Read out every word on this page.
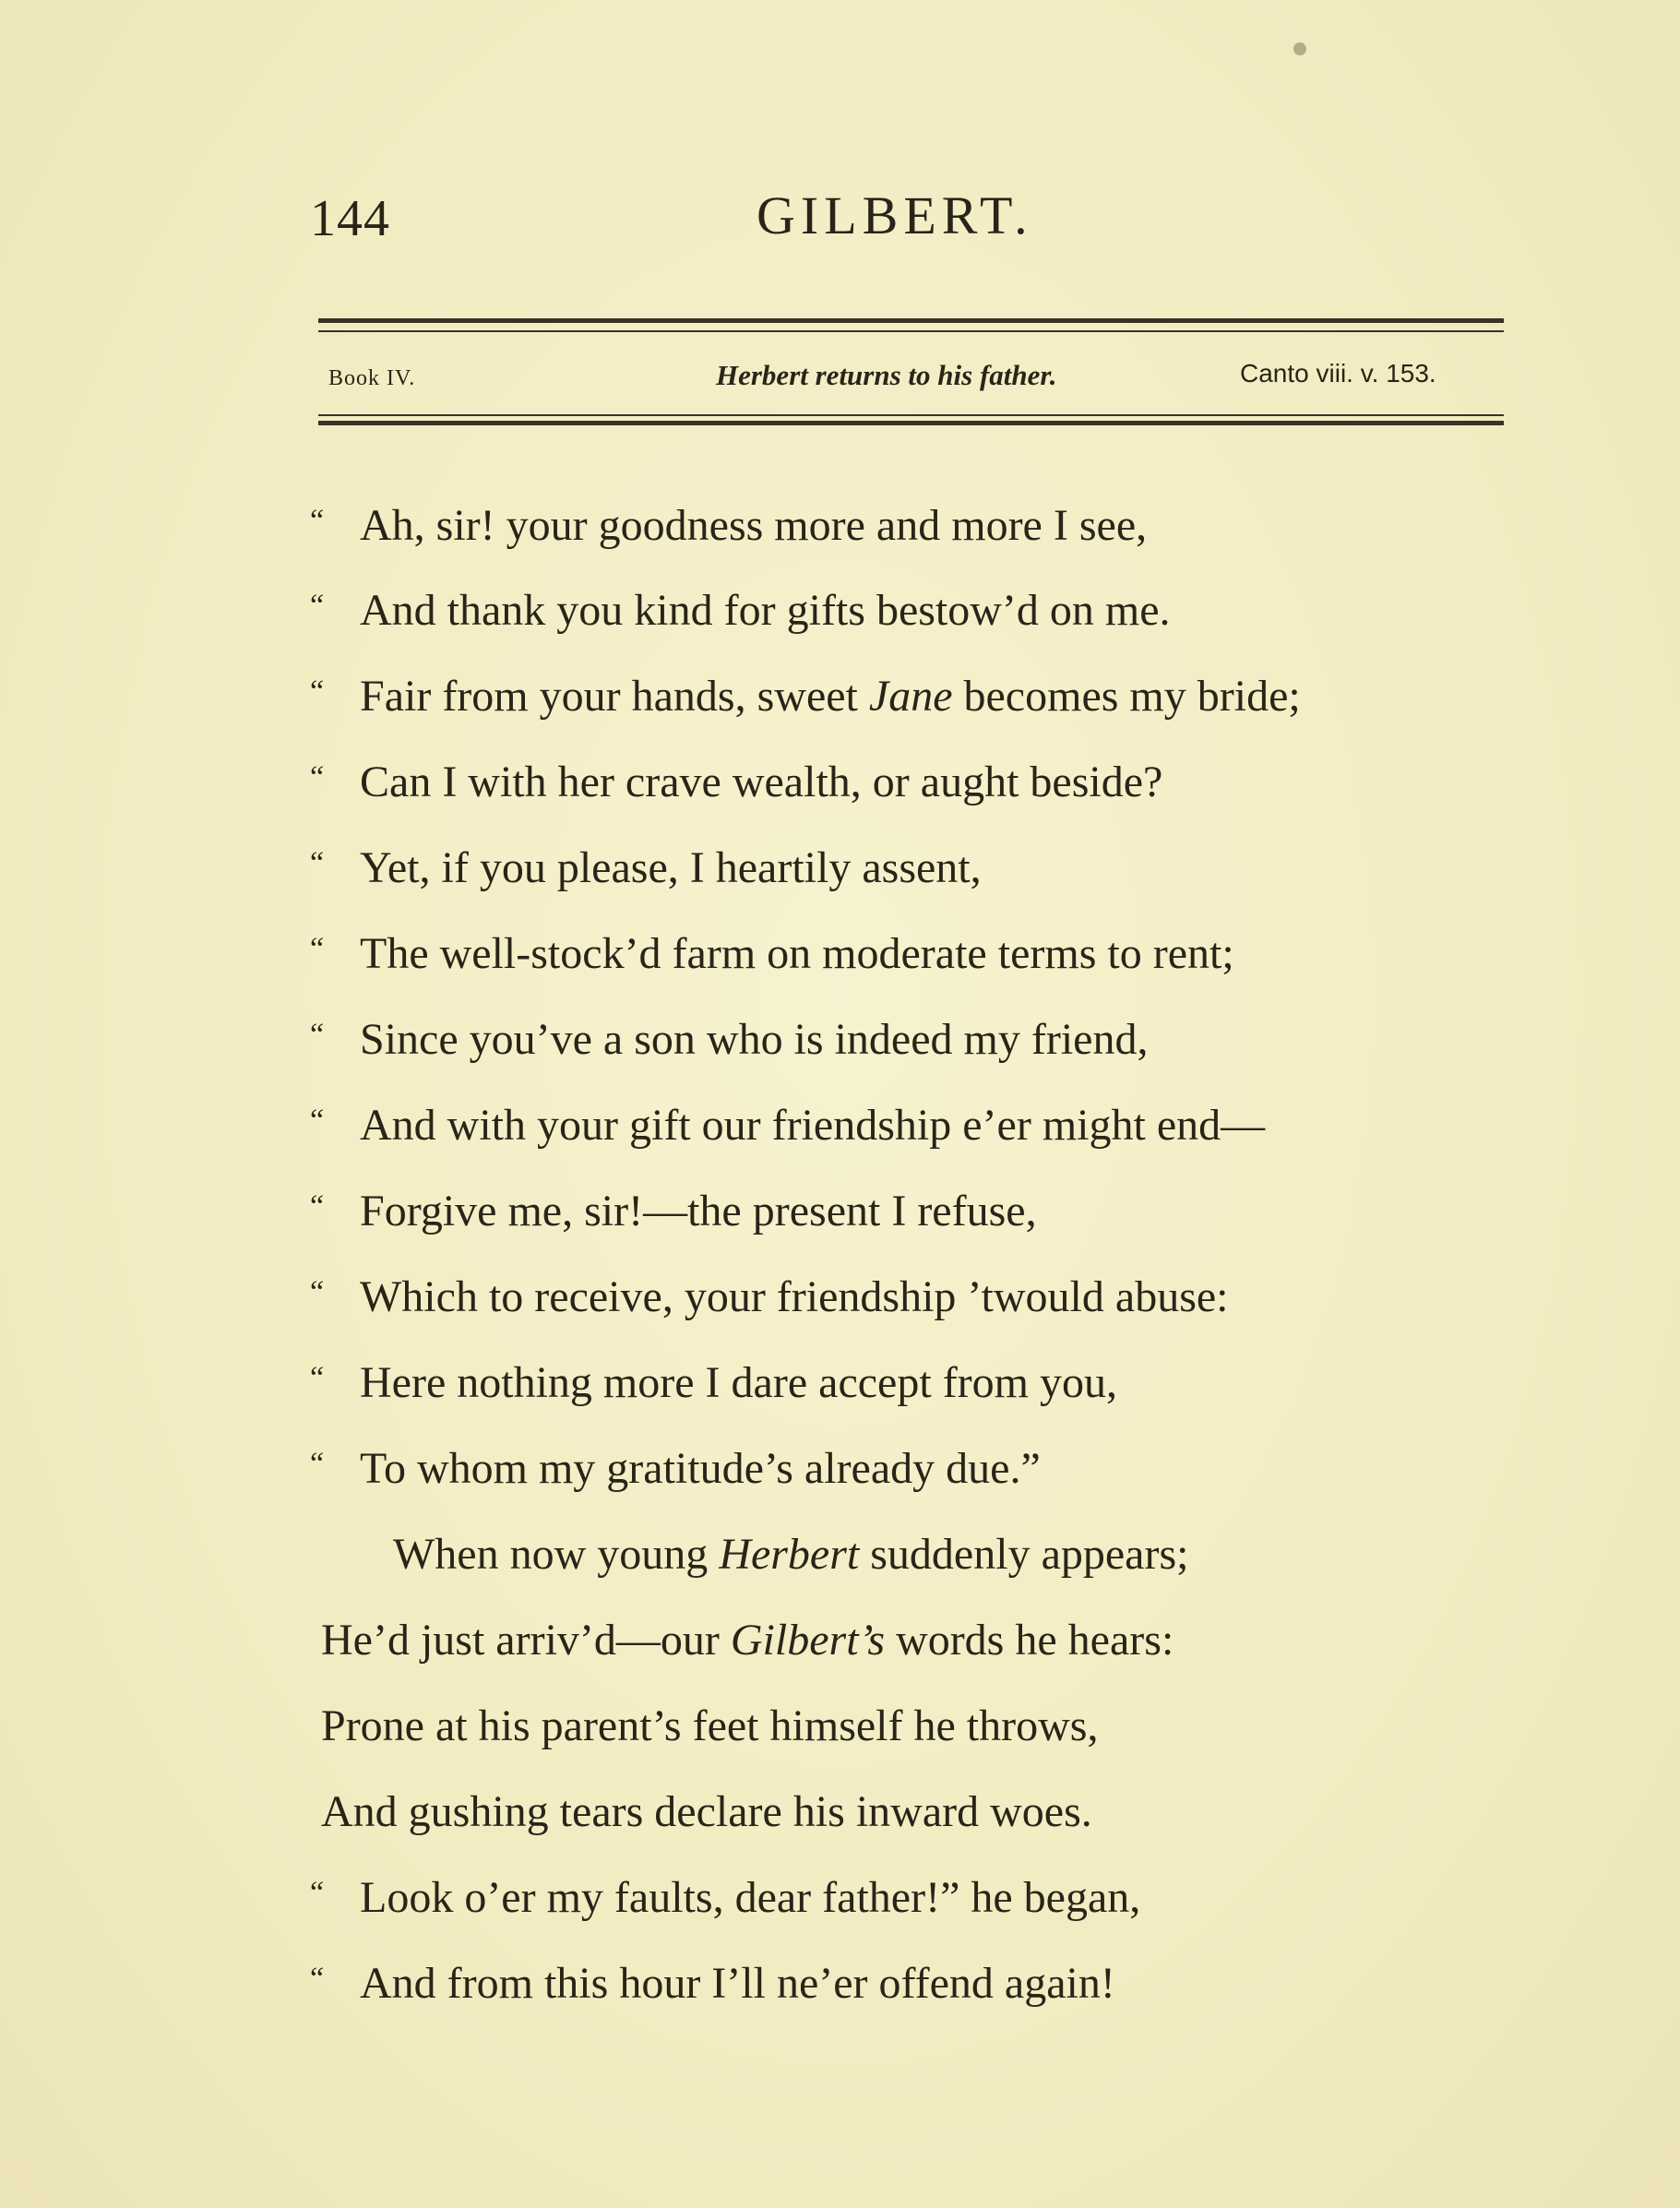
144	GILBERT.
Book IV.	Herbert returns to his father.	Canto viii. v. 153.
“ Ah, sir! your goodness more and more I see,
“ And thank you kind for gifts bestow’d on me.
“ Fair from your hands, sweet Jane becomes my bride;
“ Can I with her crave wealth, or aught beside?
“ Yet, if you please, I heartily assent,
“ The well-stock’d farm on moderate terms to rent;
“ Since you’ve a son who is indeed my friend,
“ And with your gift our friendship e’er might end—
“ Forgive me, sir!—the present I refuse,
“ Which to receive, your friendship ’twould abuse:
“ Here nothing more I dare accept from you,
“ To whom my gratitude’s already due.”
When now young Herbert suddenly appears;
He’d just arriv’d—our Gilbert’s words he hears:
Prone at his parent’s feet himself he throws,
And gushing tears declare his inward woes.
“ Look o’er my faults, dear father!” he began,
“ And from this hour I’ll ne’er offend again!
